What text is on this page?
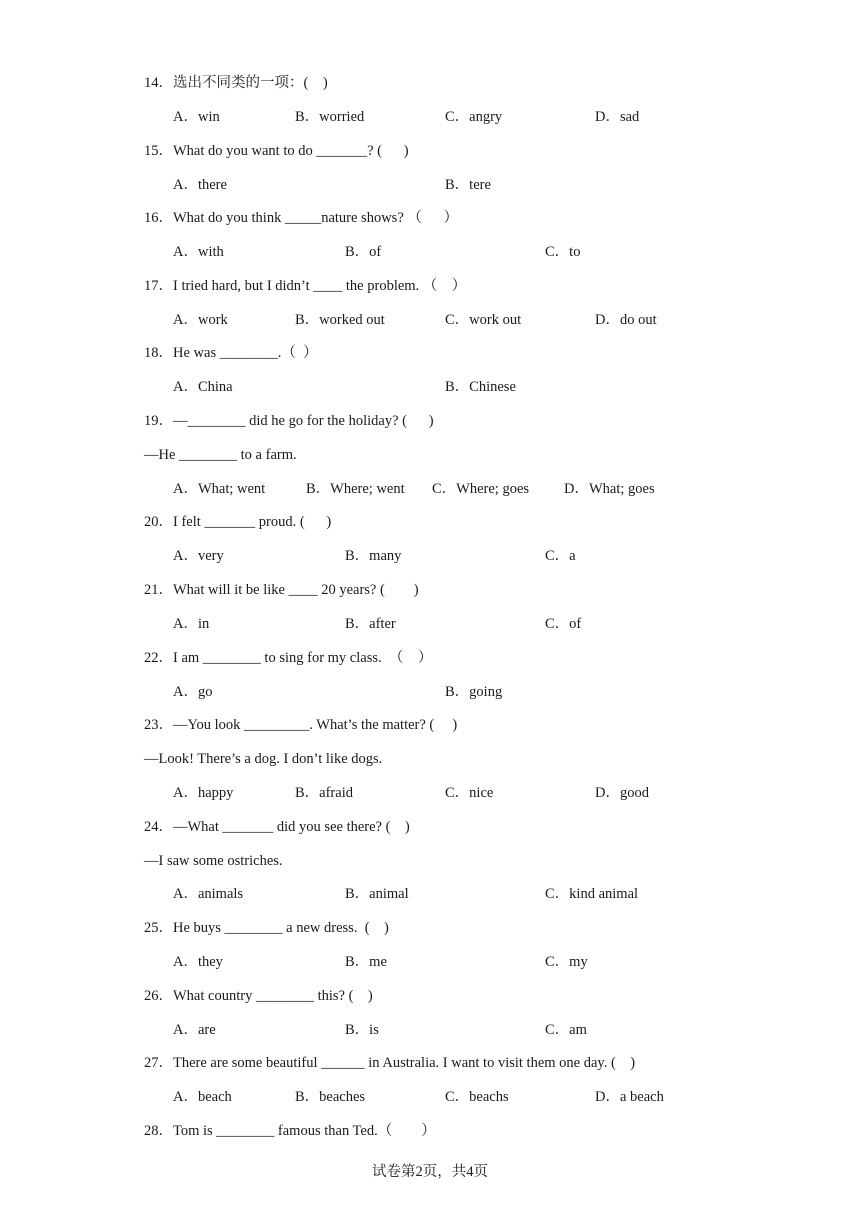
14．选出不同类的一项：(    )
A．win	B．worried	C．angry	D．sad
15．What do you want to do _______? (      )
A．there	B．tere
16．What do you think _____nature shows? （      ）
A．with	B．of	C．to
17．I tried hard, but I didn’t ____ the problem. （    ）
A．work	B．worked out	C．work out	D．do out
18．He was ________.（  ）
A．China	B．Chinese
19．—________ did he go for the holiday? (      )
—He ________ to a farm.
A．What; went	B．Where; went C．Where; goes D．What; goes
20．I felt _______ proud. (      )
A．very	B．many	C．a
21．What will it be like ____ 20 years? (        )
A．in	B．after	C．of
22．I am ________ to sing for my class.  （    ）
A．go	B．going
23．—You look _________. What’s the matter? (     )
—Look! There’s a dog. I don’t like dogs.
A．happy	B．afraid	C．nice	D．good
24．—What _______ did you see there? (    )
—I saw some ostriches.
A．animals	B．animal	C．kind animal
25．He buys ________ a new dress.  (    )
A．they	B．me	C．my
26．What country ________ this? (    )
A．are	B．is	C．am
27．There are some beautiful ______ in Australia. I want to visit them one day. (    )
A．beach	B．beaches	C．beachs	D．a beach
28．Tom is ________ famous than Ted.（        ）
试卷第2页，共4页
